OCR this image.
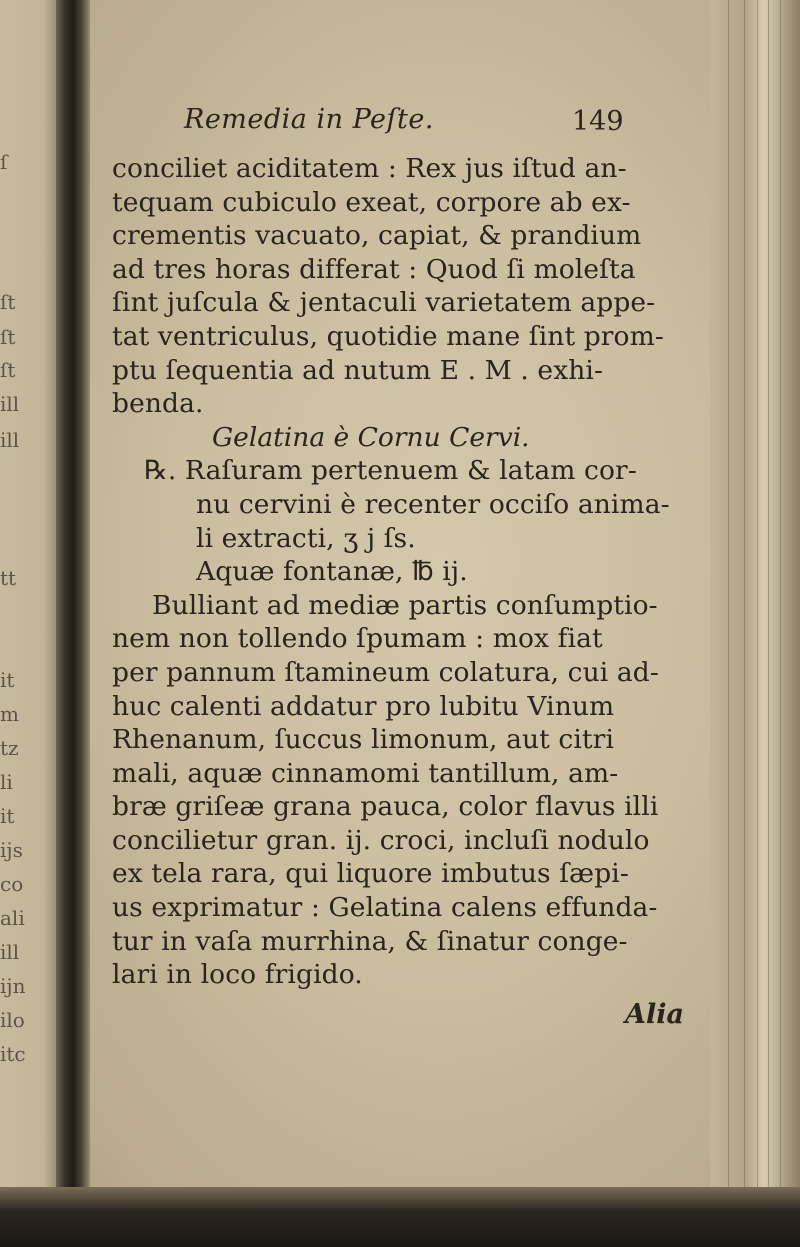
ſ
ſt
ſt
ſt
ill
ill
tt
it
m
tz
li
it
ijs
co
ali
ill
ijn
ilo
itc
Remedia in Peſte.	149

conciliet aciditatem : Rex jus iſtud an-

tequam cubiculo exeat, corpore ab ex-

crementis vacuato, capiat, & prandium

ad tres horas differat : Quod ſi moleſta

ſint juſcula & jentaculi varietatem appe-

tat ventriculus, quotidie mane ſint prom-

ptu ſequentia ad nutum E . M . exhi-

benda.

Gelatina è Cornu Cervi.

℞. Raſuram pertenuem & latam cor-

nu cervini è recenter occiſo anima-

li extracti, ʒ j ſs.

Aquæ fontanæ, ℔ ij.

Bulliant ad mediæ partis conſumptio-

nem non tollendo ſpumam : mox fiat

per pannum ſtamineum colatura, cui ad-

huc calenti addatur pro lubitu Vinum

Rhenanum, ſuccus limonum, aut citri

mali, aquæ cinnamomi tantillum, am-

bræ griſeæ grana pauca, color flavus illi

concilietur gran. ij. croci, incluſi nodulo

ex tela rara, qui liquore imbutus ſæpi-

us exprimatur : Gelatina calens effunda-

tur in vaſa murrhina, & ſinatur conge-

lari in loco frigido.

Alia
